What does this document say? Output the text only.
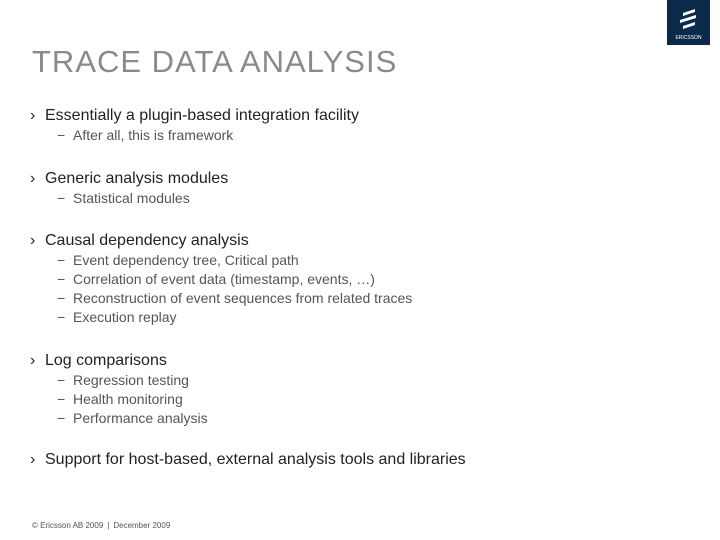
TRACE DATA ANALYSIS
ERICSSON
› Essentially a plugin-based integration facility
− After all, this is framework
› Generic analysis modules
− Statistical modules
› Causal dependency analysis
− Event dependency tree, Critical path
− Correlation of event data (timestamp, events, …)
− Reconstruction of event sequences from related traces
− Execution replay
› Log comparisons
− Regression testing
− Health monitoring
− Performance analysis
› Support for host-based, external analysis tools and libraries
© Ericsson AB 2009 | December 2009
